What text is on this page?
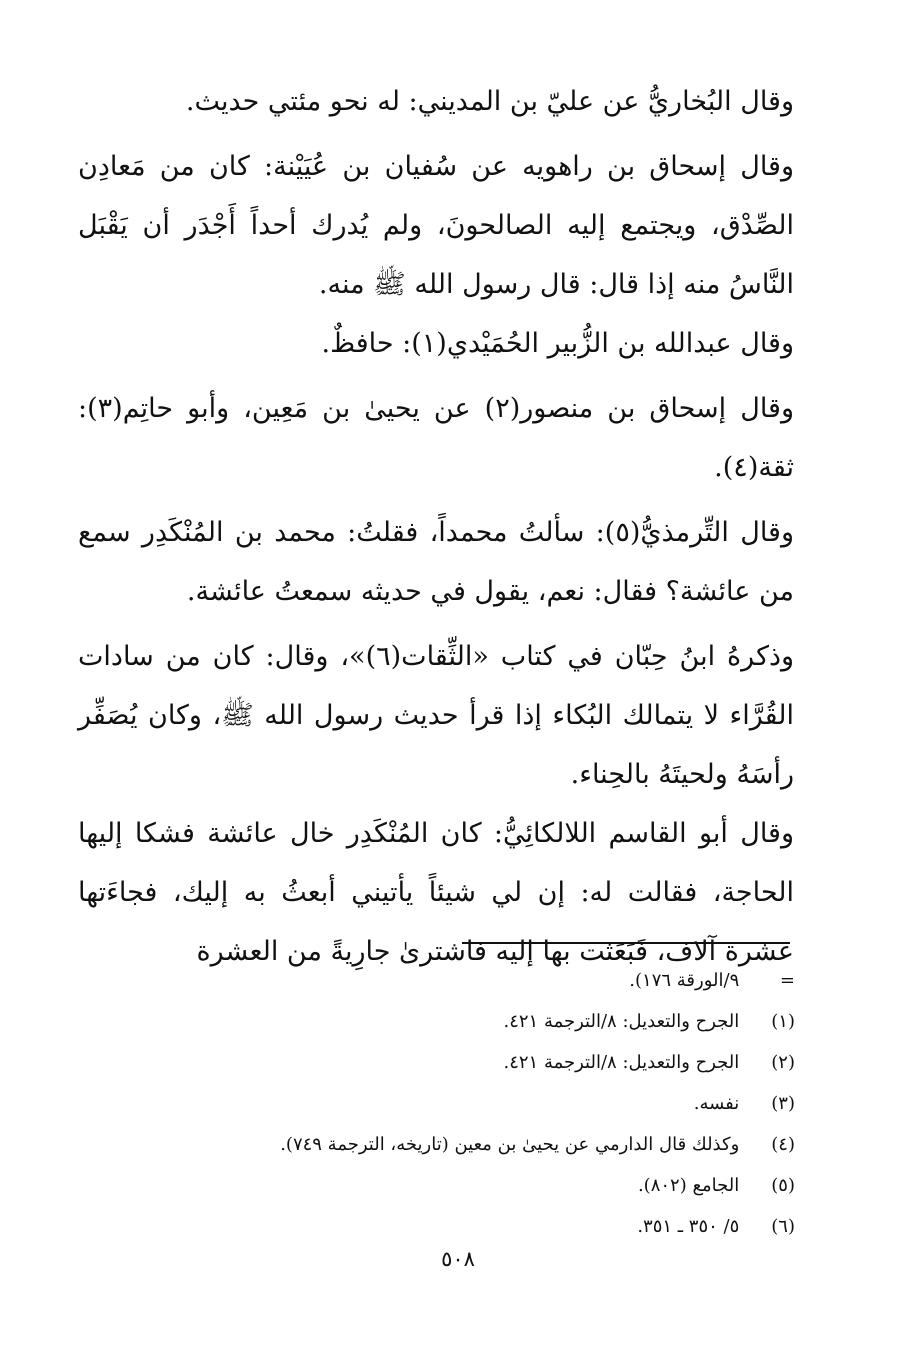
وقال البُخاريُّ عن عليّ بن المديني: له نحو مئتي حديث.

وقال إسحاق بن راهويه عن سُفيان بن عُيَيْنة: كان من مَعادِن الصِّدْق، ويجتمع إليه الصالحونَ، ولم يُدرك أحداً أَجْدَر أن يَقْبَل النَّاسُ منه إذا قال: قال رسول الله ﷺ منه.

وقال عبدالله بن الزُّبير الحُمَيْدي(١): حافظٌ.

وقال إسحاق بن منصور(٢) عن يحيىٰ بن مَعِين، وأبو حاتِم(٣): ثقة(٤).

وقال التِّرمذيُّ(٥): سألتُ محمداً، فقلتُ: محمد بن المُنْكَدِر سمع من عائشة؟ فقال: نعم، يقول في حديثه سمعتُ عائشة.

وذكرهُ ابنُ حِبّان في كتاب «الثِّقات(٦)»، وقال: كان من سادات القُرَّاء لا يتمالك البُكاء إذا قرأ حديث رسول الله ﷺ، وكان يُصَفِّر رأسَهُ ولحيتَهُ بالحِناء.

وقال أبو القاسم اللالكائِيُّ: كان المُنْكَدِر خال عائشة فشكا إليها الحاجة، فقالت له: إن لي شيئاً يأتيني أبعثُ به إليك، فجاءَتها عشرة آلاف، فَبَعَثت بها إليه فاشترىٰ جارِيةً من العشرة

= ٩/الورقة ١٧٦).
(١) الجرح والتعديل: ٨/الترجمة ٤٢١.
(٢) الجرح والتعديل: ٨/الترجمة ٤٢١.
(٣) نفسه.
(٤) وكذلك قال الدارمي عن يحيىٰ بن معين (تاريخه، الترجمة ٧٤٩).
(٥) الجامع (٨٠٢).
(٦) ٥/ ٣٥٠ ـ ٣٥١.
٥٠٨
